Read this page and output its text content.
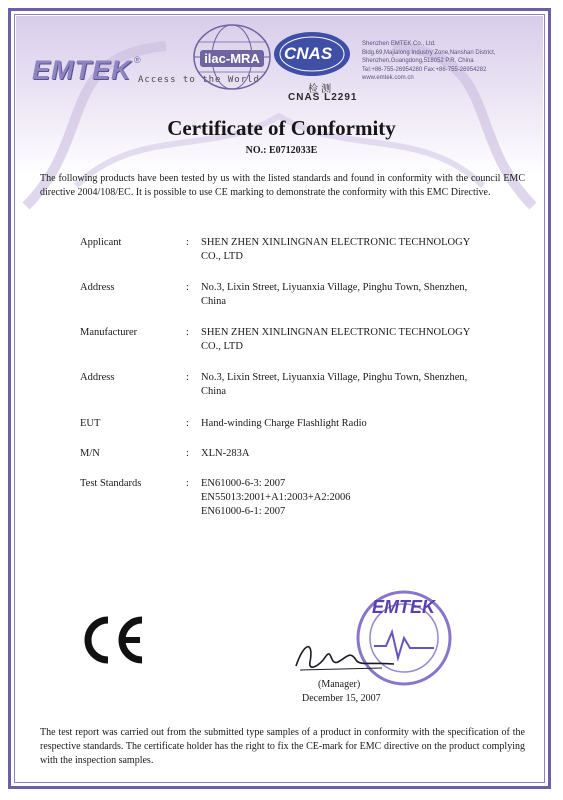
EMTEK ®
Access to the World
ilac-MRA CNAS
检 测
CNAS L2291
Shenzhen EMTEK Co., Ltd.
Bldg.69,Majialong Industry Zone,Nanshan District,
Shenzhen,Guangdong,518052 P.R. China
Tel:+86-755-26954280 Fax:+86-755-26954282
www.emtek.com.cn
Certificate of Conformity
NO.: E0712033E
The following products have been tested by us with the listed standards and found in conformity with the council EMC directive 2004/108/EC. It is possible to use CE marking to demonstrate the conformity with this EMC Directive.
Applicant	: SHEN ZHEN XINLINGNAN ELECTRONIC TECHNOLOGY
CO., LTD
Address	: No.3, Lixin Street, Liyuanxia Village, Pinghu Town, Shenzhen,
China
Manufacturer	: SHEN ZHEN XINLINGNAN ELECTRONIC TECHNOLOGY
CO., LTD
Address	: No.3, Lixin Street, Liyuanxia Village, Pinghu Town, Shenzhen,
China
EUT	: Hand-winding Charge Flashlight Radio
M/N	: XLN-283A
Test Standards	: EN61000-6-3: 2007
EN55013:2001+A1:2003+A2:2006
EN61000-6-1: 2007
EMTEK
(Manager)
December 15, 2007
The test report was carried out from the submitted type samples of a product in conformity with the specification of the respective standards. The certificate holder has the right to fix the CE-mark for EMC directive on the product complying with the inspection samples.
